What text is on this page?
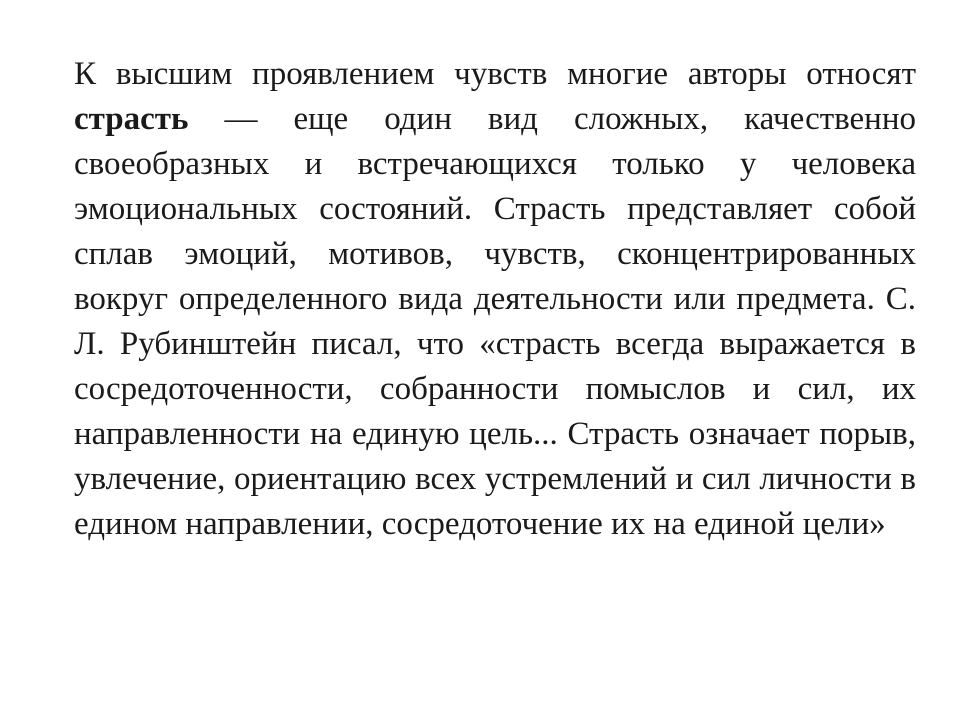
К высшим проявлением чувств многие авторы относят страсть — еще один вид сложных, качественно своеобразных и встречающихся только у человека эмоциональных состояний. Страсть представляет собой сплав эмоций, мотивов, чувств, сконцентрированных вокруг определенного вида деятельности или предмета. С. Л. Рубинштейн писал, что «страсть всегда выражается в сосредоточенности, собранности помыслов и сил, их направленности на единую цель... Страсть означает порыв, увлечение, ориентацию всех устремлений и сил личности в едином направлении, сосредоточение их на единой цели»
